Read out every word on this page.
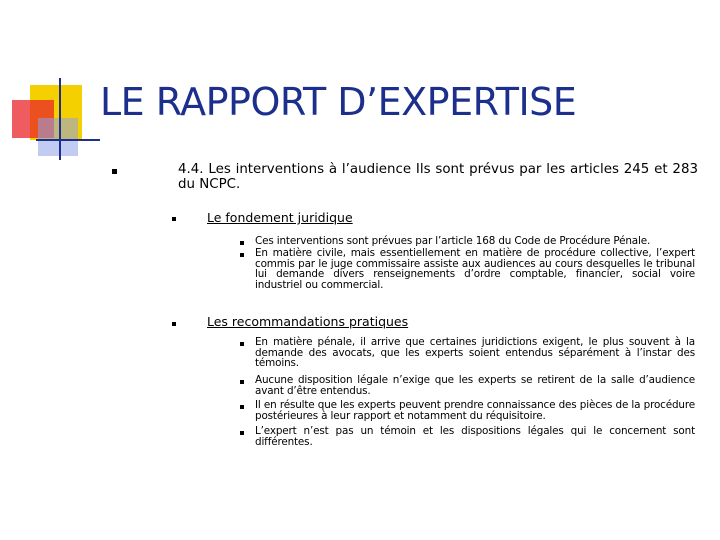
LE RAPPORT D’EXPERTISE
4.4. Les interventions à l’audience Ils sont prévus par les articles 245 et 283 du NCPC.
Le fondement juridique
Ces interventions sont prévues par l’article 168 du Code de Procédure Pénale.
En matière civile, mais essentiellement en matière de procédure collective, l’expert commis par le juge commissaire assiste aux audiences au cours desquelles le tribunal lui demande divers renseignements d’ordre comptable, financier, social voire industriel ou commercial.
Les recommandations pratiques
En matière pénale, il arrive que certaines juridictions exigent, le plus souvent à la demande des avocats, que les experts soient entendus séparément à l’instar des témoins.
Aucune disposition légale n’exige que les experts se retirent de la salle d’audience avant d’être entendus.
Il en résulte que les experts peuvent prendre connaissance des pièces de la procédure postérieures à leur rapport et notamment du réquisitoire.
L’expert n’est pas un témoin et les dispositions légales qui le concernent sont différentes.
